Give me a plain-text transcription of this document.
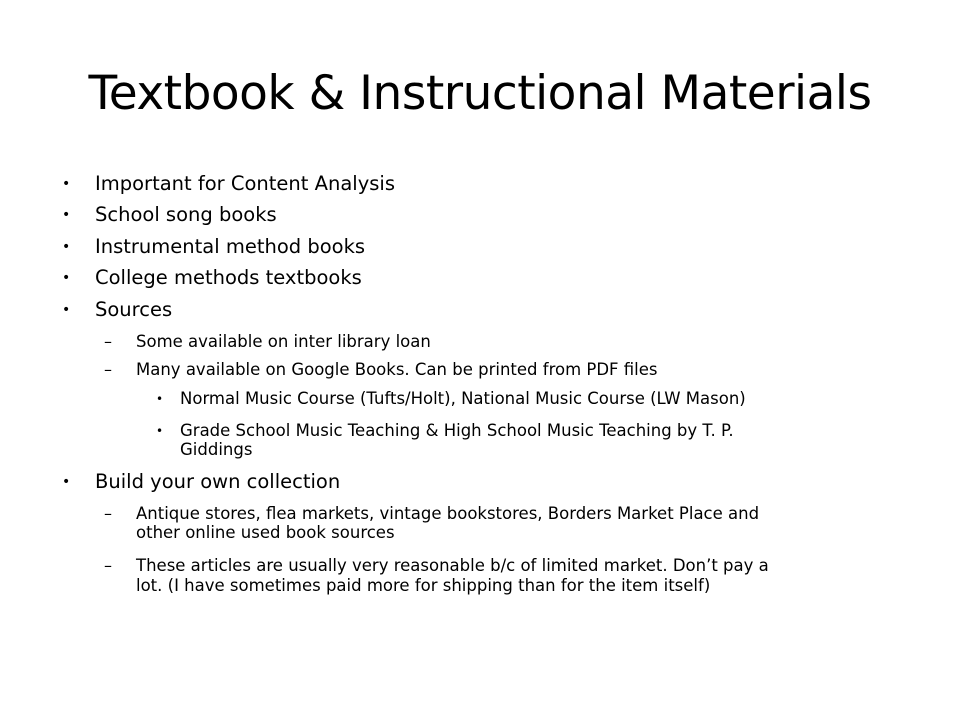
Textbook & Instructional Materials
• Important for Content Analysis
• School song books
• Instrumental method books
• College methods textbooks
• Sources
– Some available on inter library loan
– Many available on Google Books. Can be printed from PDF files
• Normal Music Course (Tufts/Holt), National Music Course (LW Mason)
• Grade School Music Teaching & High School Music Teaching by T. P.
Giddings
• Build your own collection
– Antique stores, flea markets, vintage bookstores, Borders Market Place and
other online used book sources
– These articles are usually very reasonable b/c of limited market. Don’t pay a
lot. (I have sometimes paid more for shipping than for the item itself)
